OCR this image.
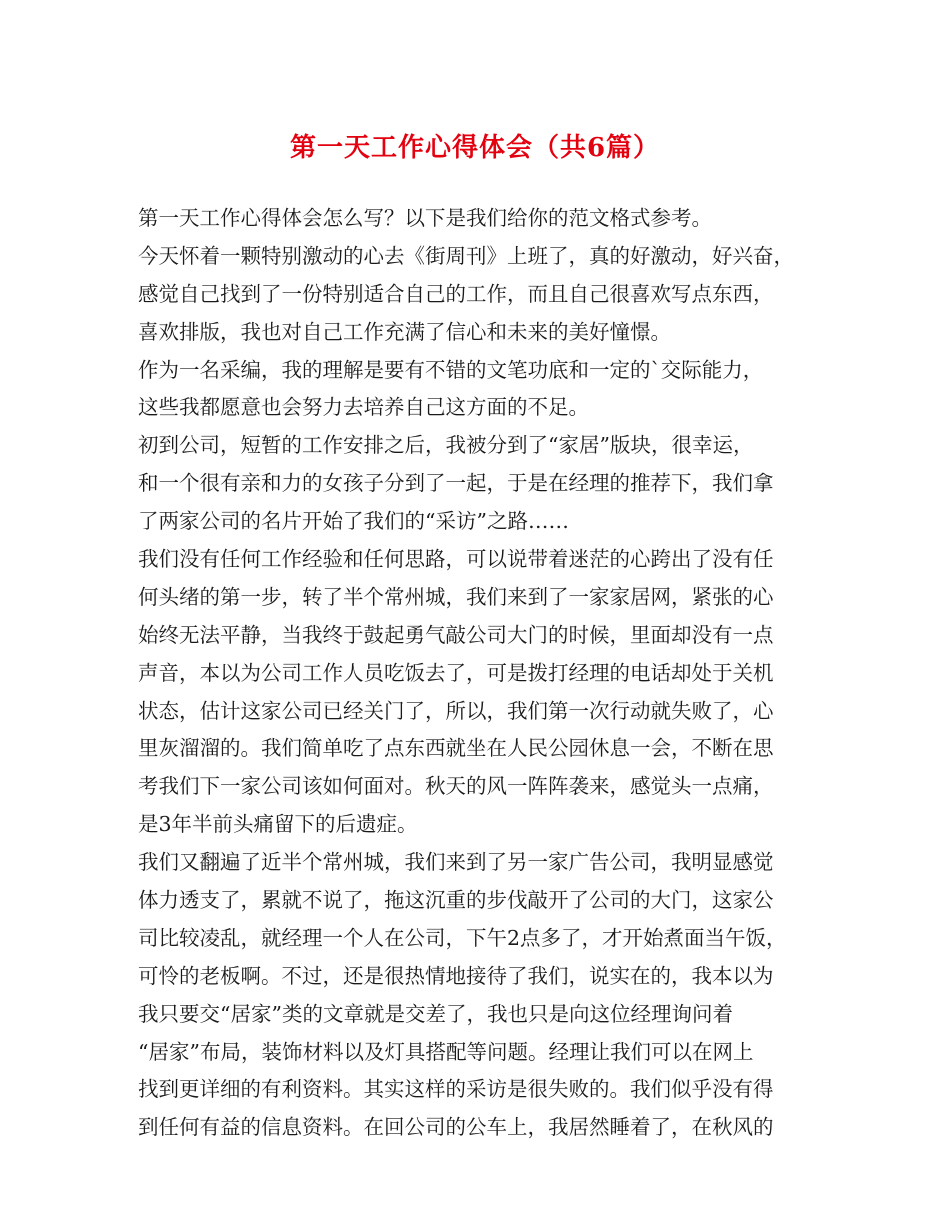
第一天工作心得体会（共6篇）
第一天工作心得体会怎么写？以下是我们给你的范文格式参考。
今天怀着一颗特别激动的心去《街周刊》上班了，真的好激动，好兴奋，
感觉自己找到了一份特别适合自己的工作，而且自己很喜欢写点东西，
喜欢排版，我也对自己工作充满了信心和未来的美好憧憬。
作为一名采编，我的理解是要有不错的文笔功底和一定的`交际能力，
这些我都愿意也会努力去培养自己这方面的不足。
初到公司，短暂的工作安排之后，我被分到了“家居”版块，很幸运，
和一个很有亲和力的女孩子分到了一起，于是在经理的推荐下，我们拿
了两家公司的名片开始了我们的“采访”之路……
我们没有任何工作经验和任何思路，可以说带着迷茫的心跨出了没有任
何头绪的第一步，转了半个常州城，我们来到了一家家居网，紧张的心
始终无法平静，当我终于鼓起勇气敲公司大门的时候，里面却没有一点
声音，本以为公司工作人员吃饭去了，可是拨打经理的电话却处于关机
状态，估计这家公司已经关门了，所以，我们第一次行动就失败了，心
里灰溜溜的。我们简单吃了点东西就坐在人民公园休息一会，不断在思
考我们下一家公司该如何面对。秋天的风一阵阵袭来，感觉头一点痛，
是3年半前头痛留下的后遗症。
我们又翻遍了近半个常州城，我们来到了另一家广告公司，我明显感觉
体力透支了，累就不说了，拖这沉重的步伐敲开了公司的大门，这家公
司比较凌乱，就经理一个人在公司，下午2点多了，才开始煮面当午饭，
可怜的老板啊。不过，还是很热情地接待了我们，说实在的，我本以为
我只要交“居家”类的文章就是交差了，我也只是向这位经理询问着
“居家”布局，装饰材料以及灯具搭配等问题。经理让我们可以在网上
找到更详细的有利资料。其实这样的采访是很失败的。我们似乎没有得
到任何有益的信息资料。在回公司的公车上，我居然睡着了，在秋风的
